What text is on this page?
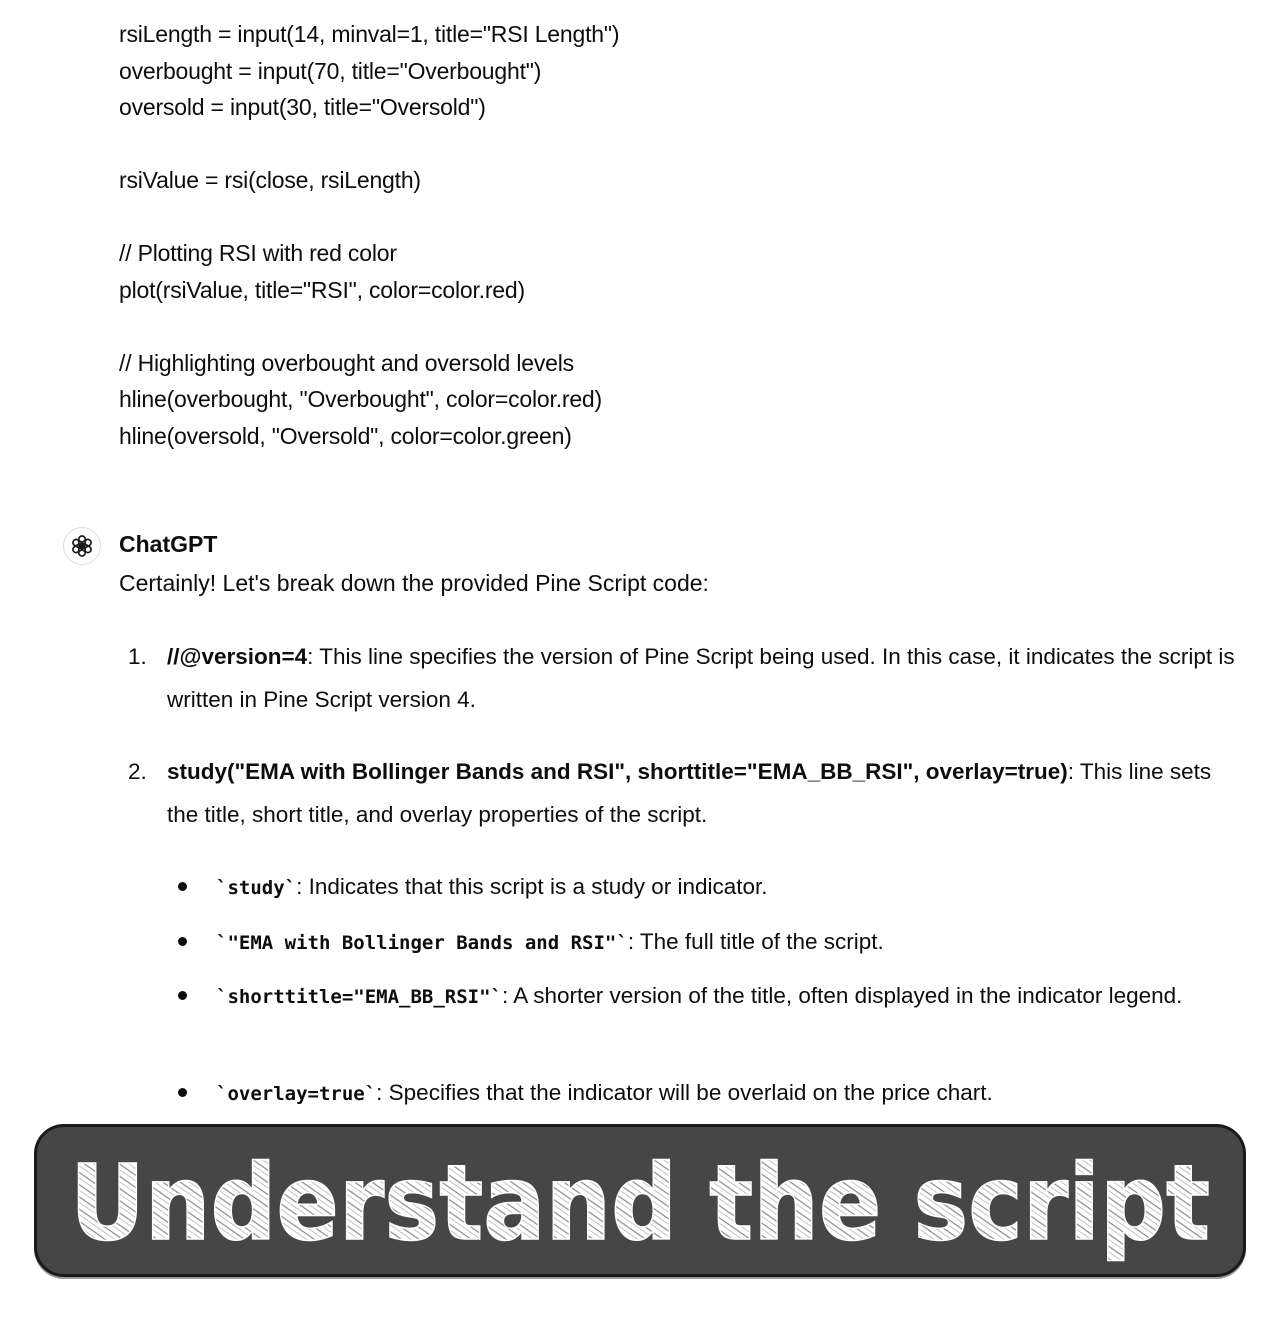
rsiLength = input(14, minval=1, title="RSI Length")
overbought = input(70, title="Overbought")
oversold = input(30, title="Oversold")
rsiValue = rsi(close, rsiLength)
// Plotting RSI with red color
plot(rsiValue, title="RSI", color=color.red)
// Highlighting overbought and oversold levels
hline(overbought, "Overbought", color=color.red)
hline(oversold, "Oversold", color=color.green)
ChatGPT
Certainly! Let's break down the provided Pine Script code:
1. //@version=4: This line specifies the version of Pine Script being used. In this case, it indicates the script is written in Pine Script version 4.
2. study("EMA with Bollinger Bands and RSI", shorttitle="EMA_BB_RSI", overlay=true): This line sets the title, short title, and overlay properties of the script.
`study`: Indicates that this script is a study or indicator.
`"EMA with Bollinger Bands and RSI"`: The full title of the script.
`shorttitle="EMA_BB_RSI"`: A shorter version of the title, often displayed in the indicator legend.
`overlay=true`: Specifies that the indicator will be overlaid on the price chart.
Understand the script
